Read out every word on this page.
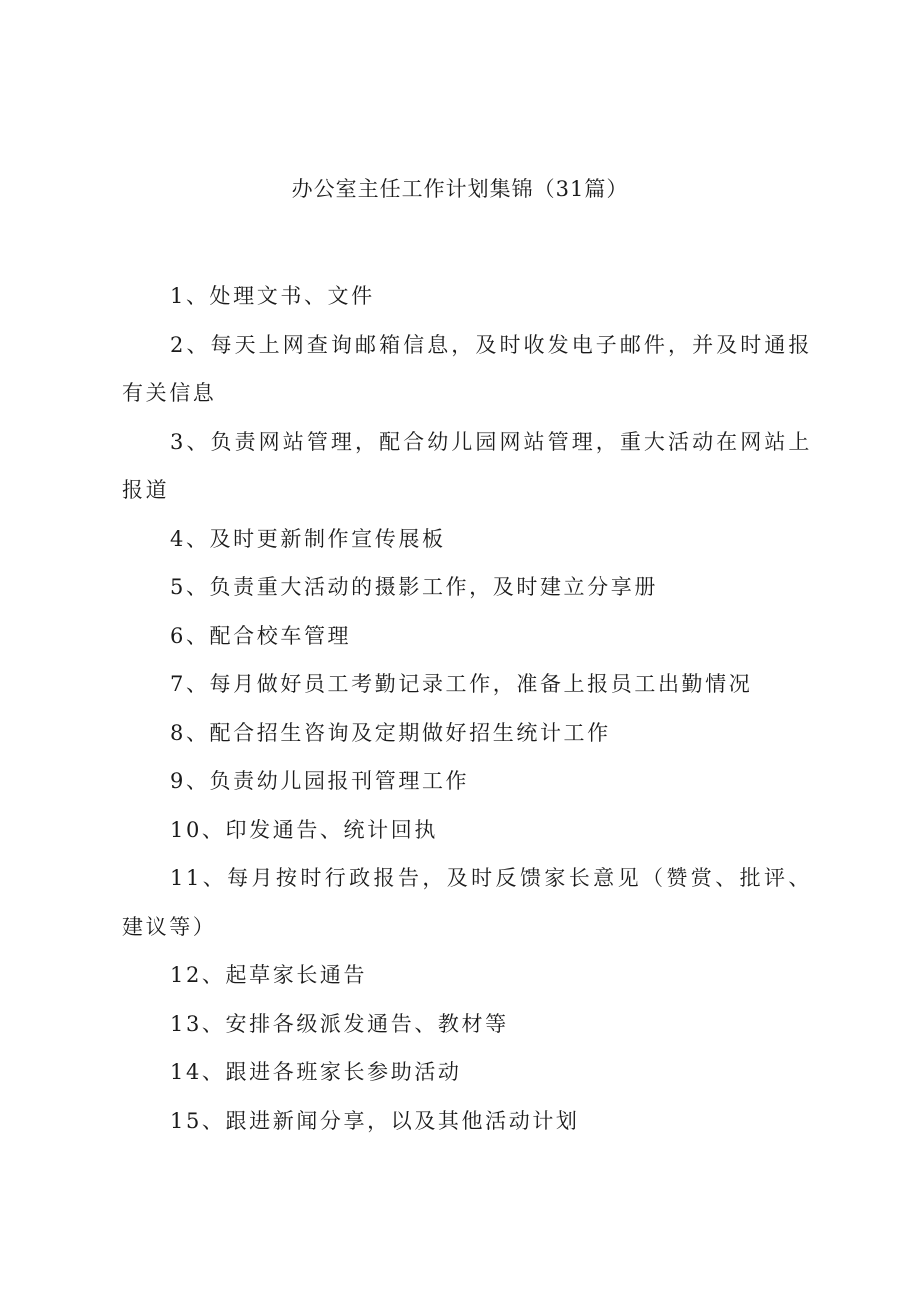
办公室主任工作计划集锦（31篇）
1、处理文书、文件
2、每天上网查询邮箱信息，及时收发电子邮件，并及时通报有关信息
3、负责网站管理，配合幼儿园网站管理，重大活动在网站上报道
4、及时更新制作宣传展板
5、负责重大活动的摄影工作，及时建立分享册
6、配合校车管理
7、每月做好员工考勤记录工作，准备上报员工出勤情况
8、配合招生咨询及定期做好招生统计工作
9、负责幼儿园报刊管理工作
10、印发通告、统计回执
11、每月按时行政报告，及时反馈家长意见（赞赏、批评、建议等）
12、起草家长通告
13、安排各级派发通告、教材等
14、跟进各班家长参助活动
15、跟进新闻分享，以及其他活动计划
